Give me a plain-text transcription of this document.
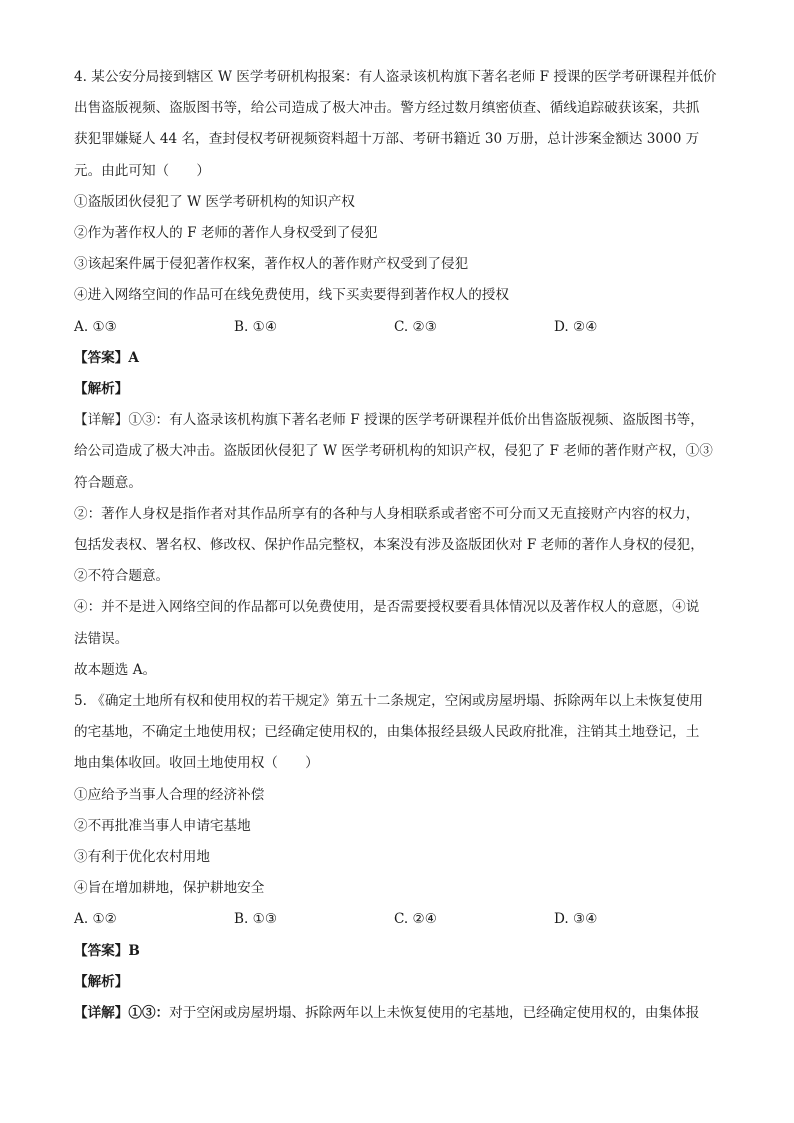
4. 某公安分局接到辖区 W 医学考研机构报案：有人盗录该机构旗下著名老师 F 授课的医学考研课程并低价
出售盗版视频、盗版图书等，给公司造成了极大冲击。警方经过数月缜密侦查、循线追踪破获该案，共抓
获犯罪嫌疑人 44 名，查封侵权考研视频资料超十万部、考研书籍近 30 万册，总计涉案金额达 3000 万
元。由此可知（　　）
①盗版团伙侵犯了 W 医学考研机构的知识产权
②作为著作权人的 F 老师的著作人身权受到了侵犯
③该起案件属于侵犯著作权案，著作权人的著作财产权受到了侵犯
④进入网络空间的作品可在线免费使用，线下买卖要得到著作权人的授权
A. ①③	B. ①④	C. ②③	D. ②④
【答案】A
【解析】
【详解】①③：有人盗录该机构旗下著名老师 F 授课的医学考研课程并低价出售盗版视频、盗版图书等，
给公司造成了极大冲击。盗版团伙侵犯了 W 医学考研机构的知识产权，侵犯了 F 老师的著作财产权，①③
符合题意。
②：著作人身权是指作者对其作品所享有的各种与人身相联系或者密不可分而又无直接财产内容的权力，
包括发表权、署名权、修改权、保护作品完整权，本案没有涉及盗版团伙对 F 老师的著作人身权的侵犯，
②不符合题意。
④：并不是进入网络空间的作品都可以免费使用，是否需要授权要看具体情况以及著作权人的意愿，④说
法错误。
故本题选 A。
5. 《确定土地所有权和使用权的若干规定》第五十二条规定，空闲或房屋坍塌、拆除两年以上未恢复使用
的宅基地，不确定土地使用权；已经确定使用权的，由集体报经县级人民政府批准，注销其土地登记，土
地由集体收回。收回土地使用权（　　）
①应给予当事人合理的经济补偿
②不再批准当事人申请宅基地
③有利于优化农村用地
④旨在增加耕地，保护耕地安全
A. ①②	B. ①③	C. ②④	D. ③④
【答案】B
【解析】
【详解】①③：对于空闲或房屋坍塌、拆除两年以上未恢复使用的宅基地，已经确定使用权的，由集体报
